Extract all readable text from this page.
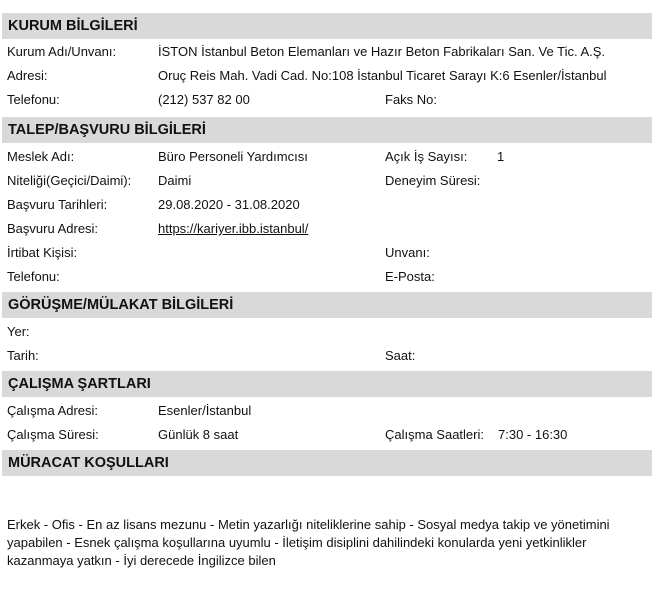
KURUM BİLGİLERİ
Kurum Adı/Unvanı:	İSTON İstanbul Beton Elemanları ve Hazır Beton Fabrikaları San. Ve Tic. A.Ş.
Adresi:	Oruç Reis Mah. Vadi Cad. No:108 İstanbul Ticaret Sarayı K:6 Esenler/İstanbul
Telefonu:	(212) 537 82 00	Faks No:
TALEP/BAŞVURU BİLGİLERİ
Meslek Adı:	Büro Personeli Yardımcısı	Açık İş Sayısı: 1
Niteliği(Geçici/Daimi): Daimi	Deneyim Süresi:
Başvuru Tarihleri:	29.08.2020 - 31.08.2020
Başvuru Adresi:	https://kariyer.ibb.istanbul/
İrtibat Kişisi:	Unvanı:
Telefonu:	E-Posta:
GÖRÜŞME/MÜLAKAT BİLGİLERİ
Yer:
Tarih:	Saat:
ÇALIŞMA ŞARTLARI
Çalışma Adresi:	Esenler/İstanbul
Çalışma Süresi:	Günlük 8 saat	Çalışma Saatleri: 7:30 - 16:30
MÜRACAT KOŞULLARI
Erkek - Ofis - En az lisans mezunu - Metin yazarlığı niteliklerine sahip - Sosyal medya takip ve yönetimini yapabilen - Esnek çalışma koşullarına uyumlu - İletişim disiplini dahilindeki konularda yeni yetkinlikler kazanmaya yatkın - İyi derecede İngilizce bilen
